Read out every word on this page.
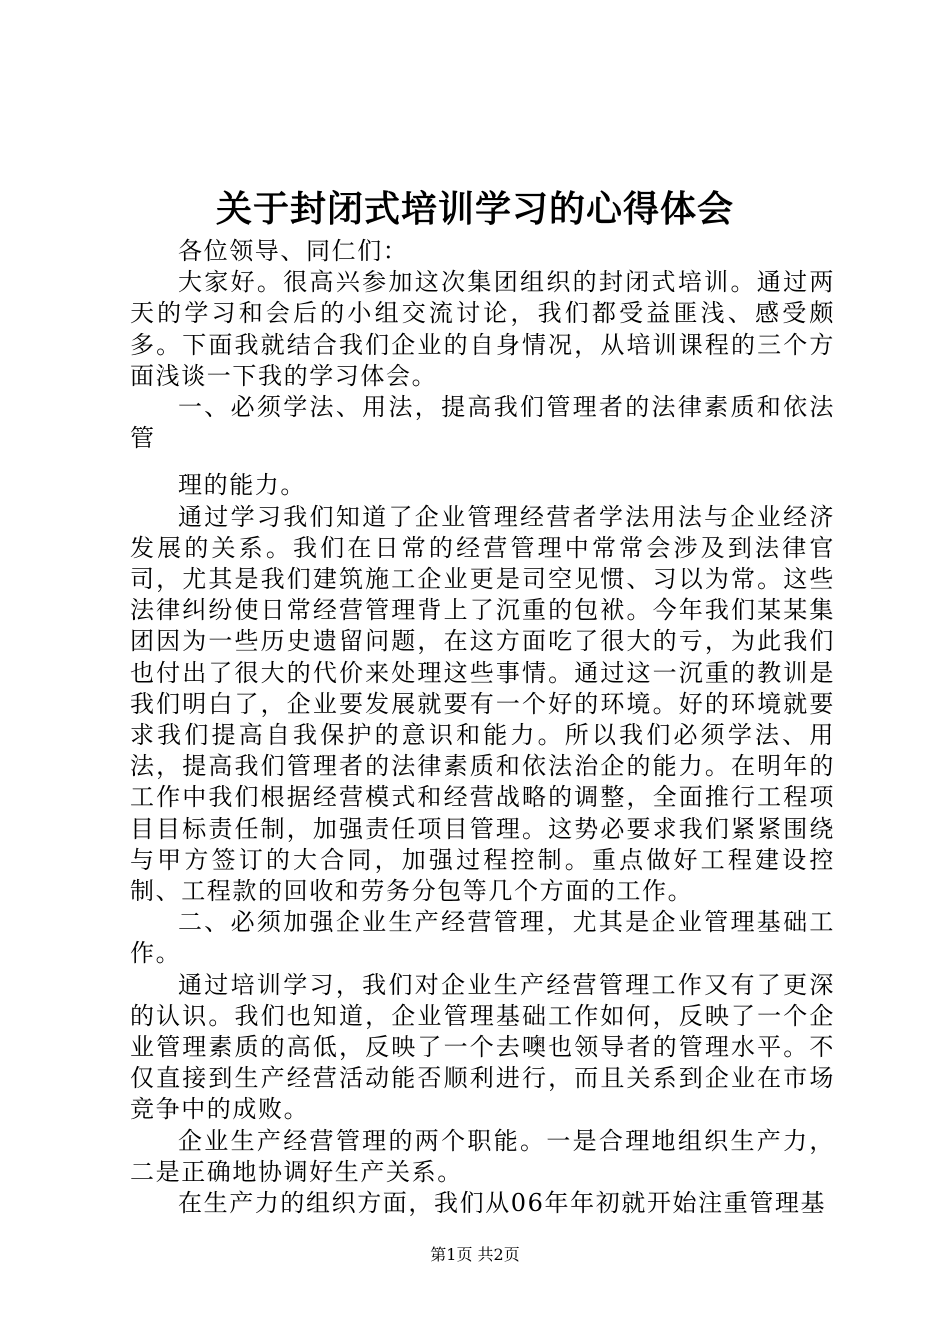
关于封闭式培训学习的心得体会

各位领导、同仁们：

大家好。很高兴参加这次集团组织的封闭式培训。通过两天的学习和会后的小组交流讨论，我们都受益匪浅、感受颇多。下面我就结合我们企业的自身情况，从培训课程的三个方面浅谈一下我的学习体会。

一、必须学法、用法，提高我们管理者的法律素质和依法管

理的能力。

通过学习我们知道了企业管理经营者学法用法与企业经济发展的关系。我们在日常的经营管理中常常会涉及到法律官司，尤其是我们建筑施工企业更是司空见惯、习以为常。这些法律纠纷使日常经营管理背上了沉重的包袱。今年我们某某集团因为一些历史遗留问题，在这方面吃了很大的亏，为此我们也付出了很大的代价来处理这些事情。通过这一沉重的教训是我们明白了，企业要发展就要有一个好的环境。好的环境就要求我们提高自我保护的意识和能力。所以我们必须学法、用法，提高我们管理者的法律素质和依法治企的能力。在明年的工作中我们根据经营模式和经营战略的调整，全面推行工程项目目标责任制，加强责任项目管理。这势必要求我们紧紧围绕与甲方签订的大合同，加强过程控制。重点做好工程建设控制、工程款的回收和劳务分包等几个方面的工作。

二、必须加强企业生产经营管理，尤其是企业管理基础工作。

通过培训学习，我们对企业生产经营管理工作又有了更深的认识。我们也知道，企业管理基础工作如何，反映了一个企业管理素质的高低，反映了一个去噢也领导者的管理水平。不仅直接到生产经营活动能否顺利进行，而且关系到企业在市场竞争中的成败。

企业生产经营管理的两个职能。一是合理地组织生产力，二是正确地协调好生产关系。

在生产力的组织方面，我们从06年年初就开始注重管理基

第1页 共2页
